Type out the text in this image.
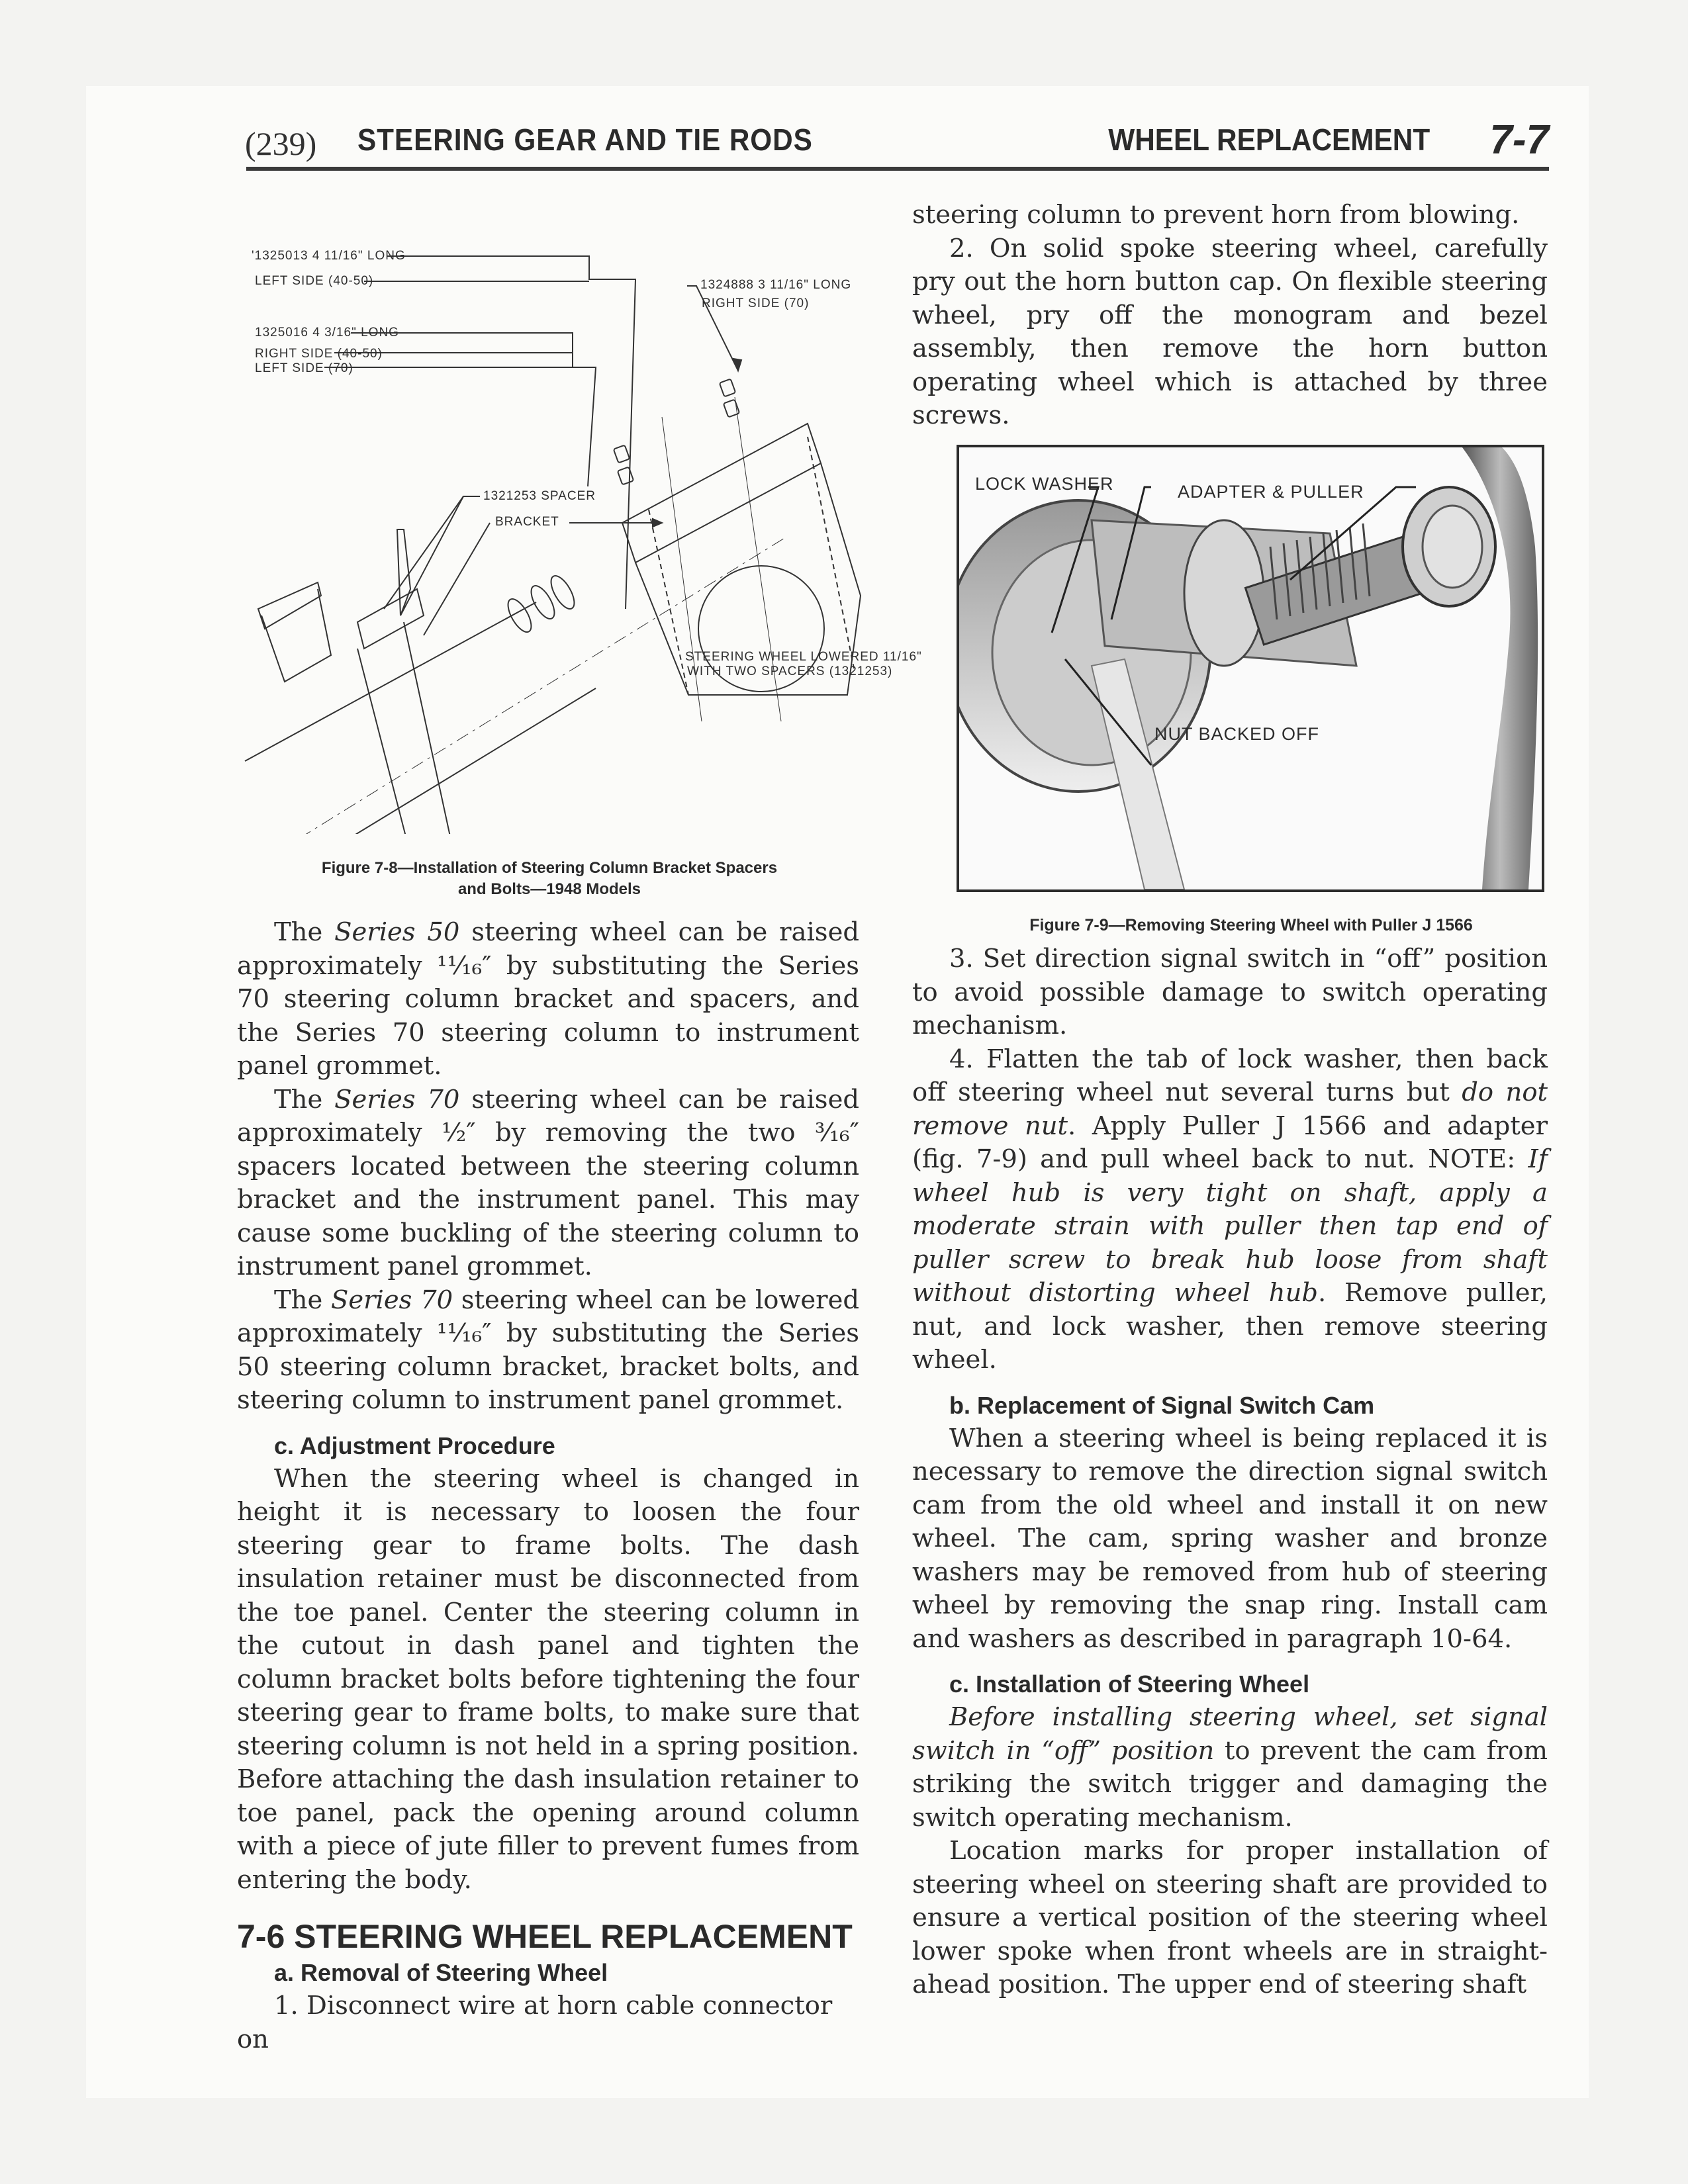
(239) STEERING GEAR AND TIE RODS	WHEEL REPLACEMENT 7-7
'1325013 4 11/16" LONG
LEFT SIDE (40-50)
1325016 4 3/16" LONG
RIGHT SIDE (40-50)
LEFT SIDE (70)
1324888 3 11/16" LONG
RIGHT SIDE (70)
1321253 SPACER
BRACKET
STEERING WHEEL LOWERED 11/16"
WITH TWO SPACERS (1321253)
Figure 7-8—Installation of Steering Column Bracket Spacers
and Bolts—1948 Models

The Series 50 steering wheel can be raised approximately ¹¹⁄₁₆″ by substituting the Series 70 steering column bracket and spacers, and the Series 70 steering column to instrument panel grommet.

The Series 70 steering wheel can be raised approximately ½″ by removing the two ³⁄₁₆″ spacers located between the steering column bracket and the instrument panel. This may cause some buckling of the steering column to instrument panel grommet.

The Series 70 steering wheel can be lowered approximately ¹¹⁄₁₆″ by substituting the Series 50 steering column bracket, bracket bolts, and steering column to instrument panel grommet.

c. Adjustment Procedure

When the steering wheel is changed in height it is necessary to loosen the four steering gear to frame bolts. The dash insulation retainer must be disconnected from the toe panel. Center the steering column in the cutout in dash panel and tighten the column bracket bolts before tightening the four steering gear to frame bolts, to make sure that steering column is not held in a spring position. Before attaching the dash insulation retainer to toe panel, pack the opening around column with a piece of jute filler to prevent fumes from entering the body.

7-6 STEERING WHEEL REPLACEMENT
a. Removal of Steering Wheel

1. Disconnect wire at horn cable connector on

steering column to prevent horn from blowing.

2. On solid spoke steering wheel, carefully pry out the horn button cap. On flexible steering wheel, pry off the monogram and bezel assembly, then remove the horn button operating wheel which is attached by three screws.

LOCK WASHER	ADAPTER & PULLER
NUT BACKED OFF
Figure 7-9—Removing Steering Wheel with Puller J 1566

3. Set direction signal switch in “off” position to avoid possible damage to switch operating mechanism.

4. Flatten the tab of lock washer, then back off steering wheel nut several turns but do not remove nut. Apply Puller J 1566 and adapter (fig. 7-9) and pull wheel back to nut. NOTE: If wheel hub is very tight on shaft, apply a moderate strain with puller then tap end of puller screw to break hub loose from shaft without distorting wheel hub. Remove puller, nut, and lock washer, then remove steering wheel.

b. Replacement of Signal Switch Cam

When a steering wheel is being replaced it is necessary to remove the direction signal switch cam from the old wheel and install it on new wheel. The cam, spring washer and bronze washers may be removed from hub of steering wheel by removing the snap ring. Install cam and washers as described in paragraph 10-64.

c. Installation of Steering Wheel

Before installing steering wheel, set signal switch in “off” position to prevent the cam from striking the switch trigger and damaging the switch operating mechanism.

Location marks for proper installation of steering wheel on steering shaft are provided to ensure a vertical position of the steering wheel lower spoke when front wheels are in straight-ahead position. The upper end of steering shaft
